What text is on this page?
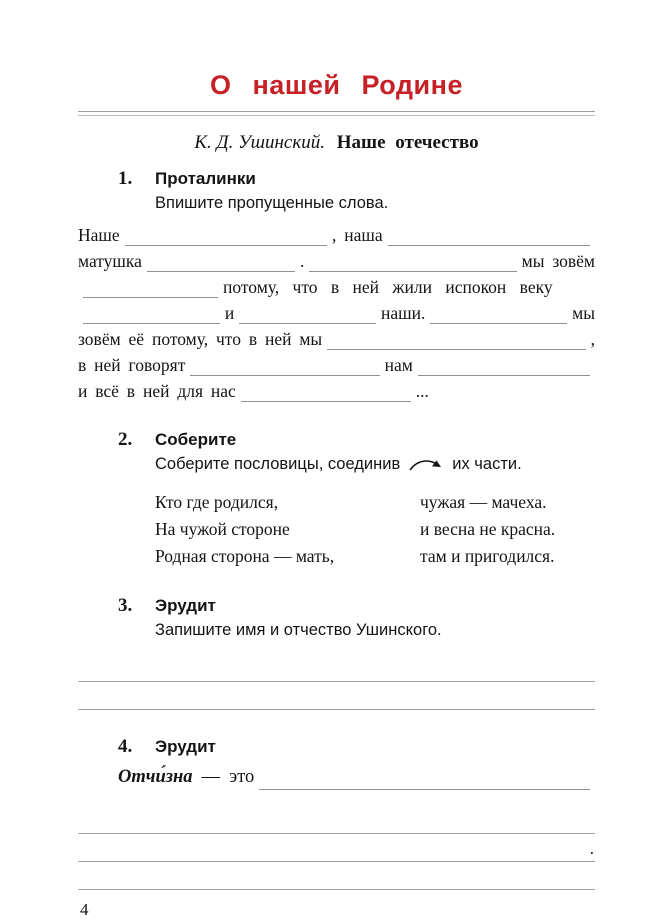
О нашей Родине
К. Д. Ушинский. Наше отечество
1.	Проталинки
Впишите пропущенные слова.
Наше	, наша
матушка	.	мы зовём
потому, что в ней жили испокон веку
и	наши.	мы
зовём её потому, что в ней мы	,
в ней говорят	нам
и всё в ней для нас	...
2.	Соберите
Соберите пословицы, соединив	их части.
Кто где родился,	чужая — мачеха.
На чужой стороне	и весна не красна.
Родная сторона — мать,	там и пригодился.
3.	Эрудит
Запишите имя и отчество Ушинского.
4.	Эрудит
Отчи́зна —  это
.
4
